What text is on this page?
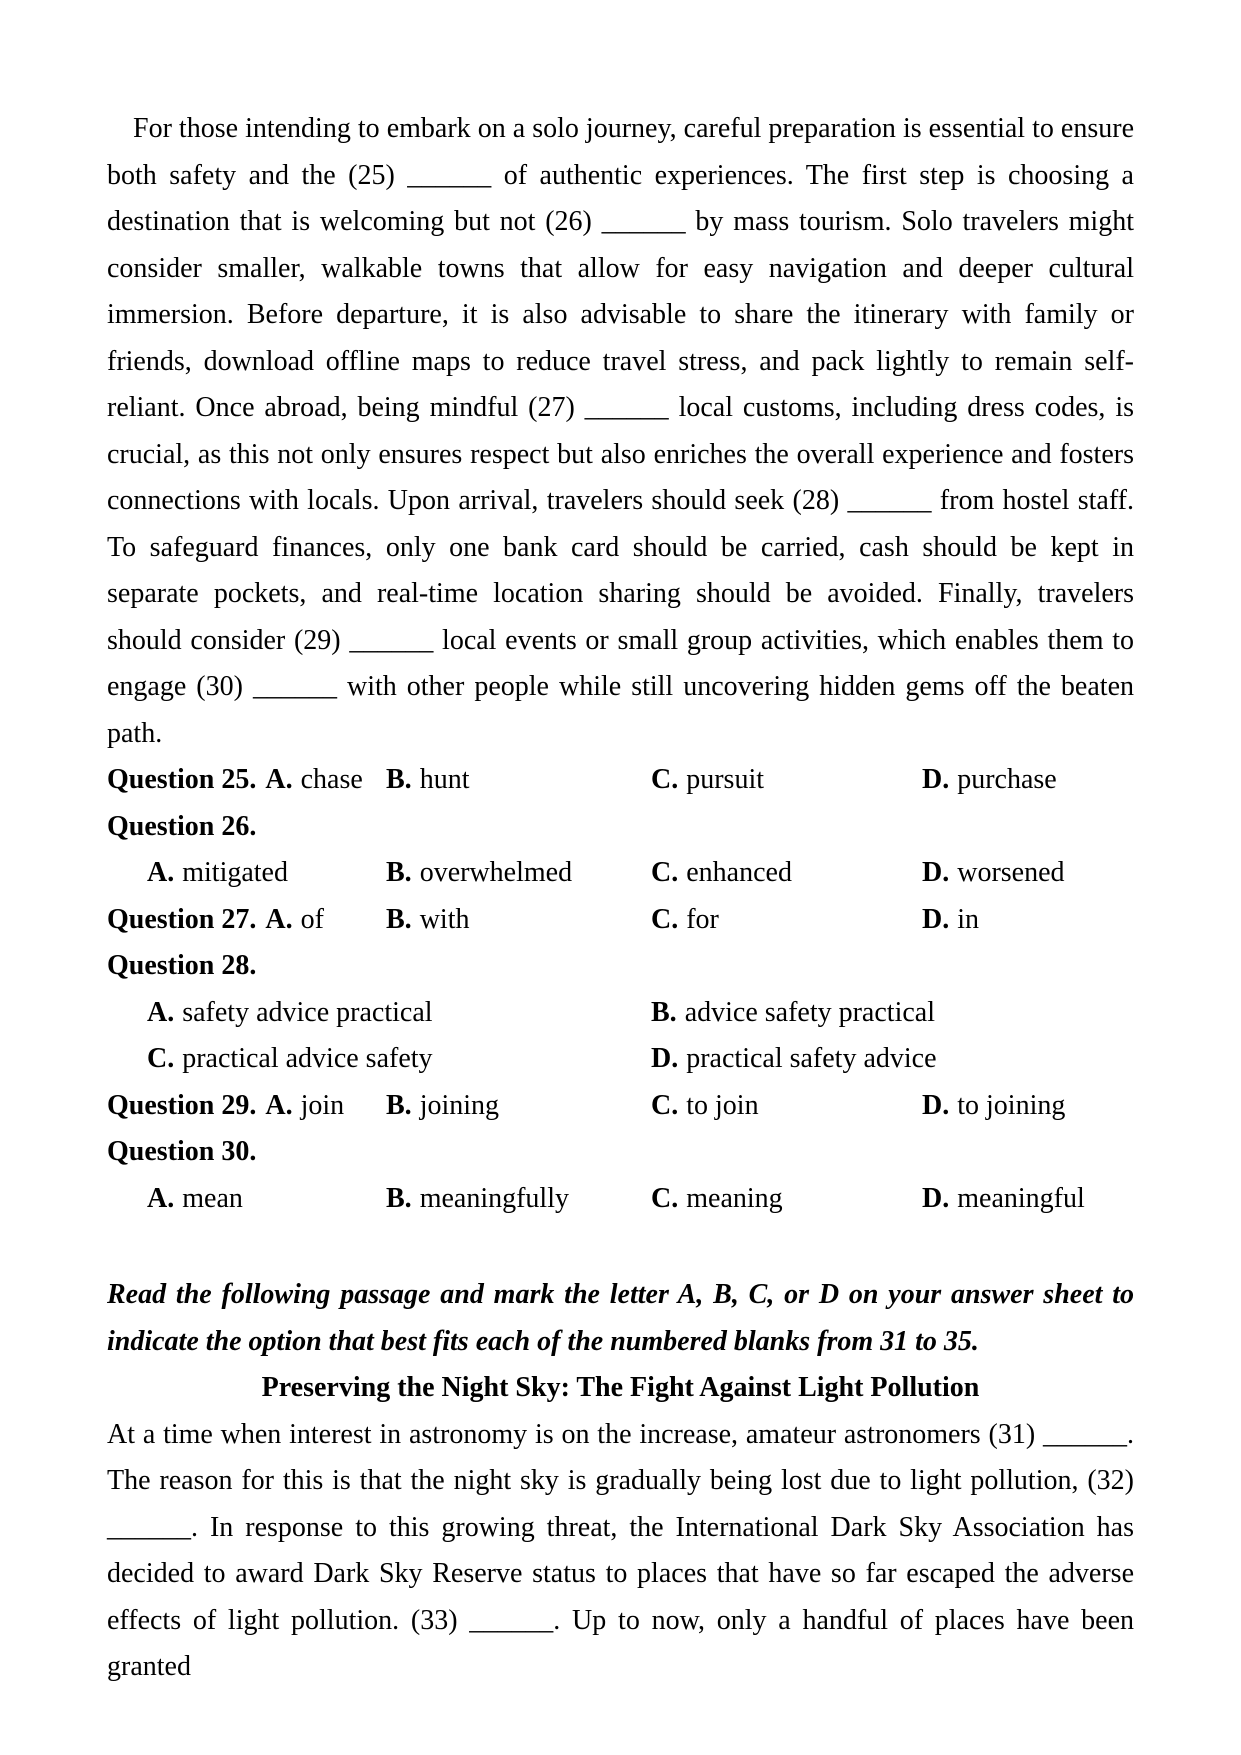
For those intending to embark on a solo journey, careful preparation is essential to ensure both safety and the (25) ______ of authentic experiences. The first step is choosing a destination that is welcoming but not (26) ______ by mass tourism. Solo travelers might consider smaller, walkable towns that allow for easy navigation and deeper cultural immersion. Before departure, it is also advisable to share the itinerary with family or friends, download offline maps to reduce travel stress, and pack lightly to remain self-reliant. Once abroad, being mindful (27) ______ local customs, including dress codes, is crucial, as this not only ensures respect but also enriches the overall experience and fosters connections with locals. Upon arrival, travelers should seek (28) ______ from hostel staff. To safeguard finances, only one bank card should be carried, cash should be kept in separate pockets, and real-time location sharing should be avoided. Finally, travelers should consider (29) ______ local events or small group activities, which enables them to engage (30) ______ with other people while still uncovering hidden gems off the beaten path.

Question 25. A. chase B. hunt	C. pursuit	D. purchase
Question 26.
A. mitigated	B. overwhelmed	C. enhanced	D. worsened
Question 27. A. of	B. with	C. for	D. in
Question 28.
A. safety advice practical	B. advice safety practical
C. practical advice safety	D. practical safety advice
Question 29. A. join	B. joining	C. to join	D. to joining
Question 30.
A. mean	B. meaningfully	C. meaning	D. meaningful

Read the following passage and mark the letter A, B, C, or D on your answer sheet to indicate the option that best fits each of the numbered blanks from 31 to 35.

Preserving the Night Sky: The Fight Against Light Pollution

At a time when interest in astronomy is on the increase, amateur astronomers (31) ______. The reason for this is that the night sky is gradually being lost due to light pollution, (32) ______. In response to this growing threat, the International Dark Sky Association has decided to award Dark Sky Reserve status to places that have so far escaped the adverse effects of light pollution. (33) ______. Up to now, only a handful of places have been granted
